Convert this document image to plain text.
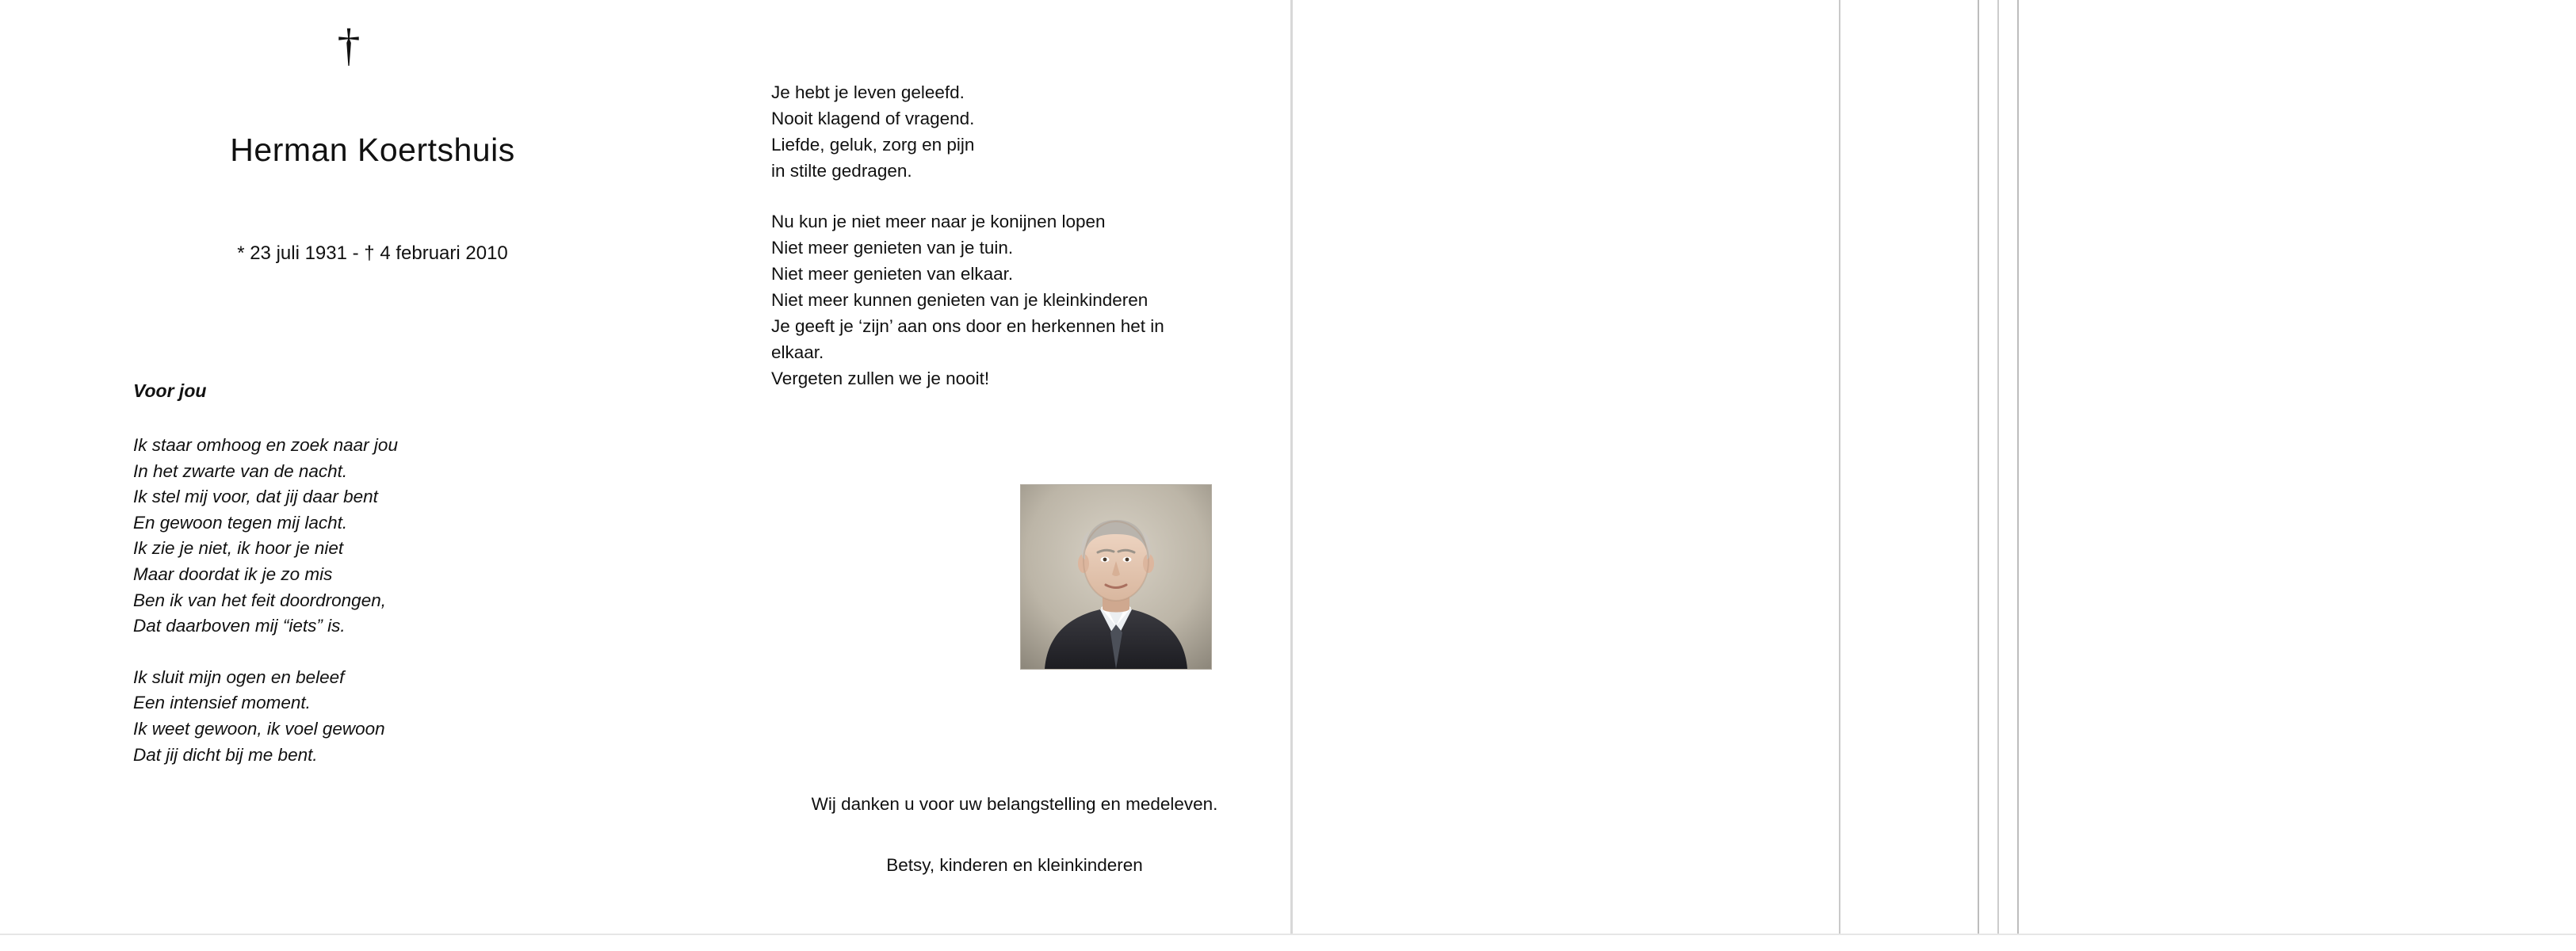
†
Herman Koertshuis
* 23 juli 1931 - † 4 februari 2010
Voor jou
Ik staar omhoog en zoek naar jou
In het zwarte van de nacht.
Ik stel mij voor, dat jij daar bent
En gewoon tegen mij lacht.
Ik zie je niet, ik hoor je niet
Maar doordat ik je zo mis
Ben ik van het feit doordrongen,
Dat daarboven mij “iets” is.
Ik sluit mijn ogen en beleef
Een intensief moment.
Ik weet gewoon, ik voel gewoon
Dat jij dicht bij me bent.
Je hebt je leven geleefd.
Nooit klagend of vragend.
Liefde, geluk, zorg en pijn
in stilte gedragen.
Nu kun je niet meer naar je konijnen lopen
Niet meer genieten van je tuin.
Niet meer genieten van elkaar.
Niet meer kunnen genieten van je kleinkinderen
Je geeft je ‘zijn’ aan ons door en herkennen het in
elkaar.
Vergeten zullen we je nooit!
Wij danken u voor uw belangstelling en medeleven.
Betsy, kinderen en kleinkinderen
